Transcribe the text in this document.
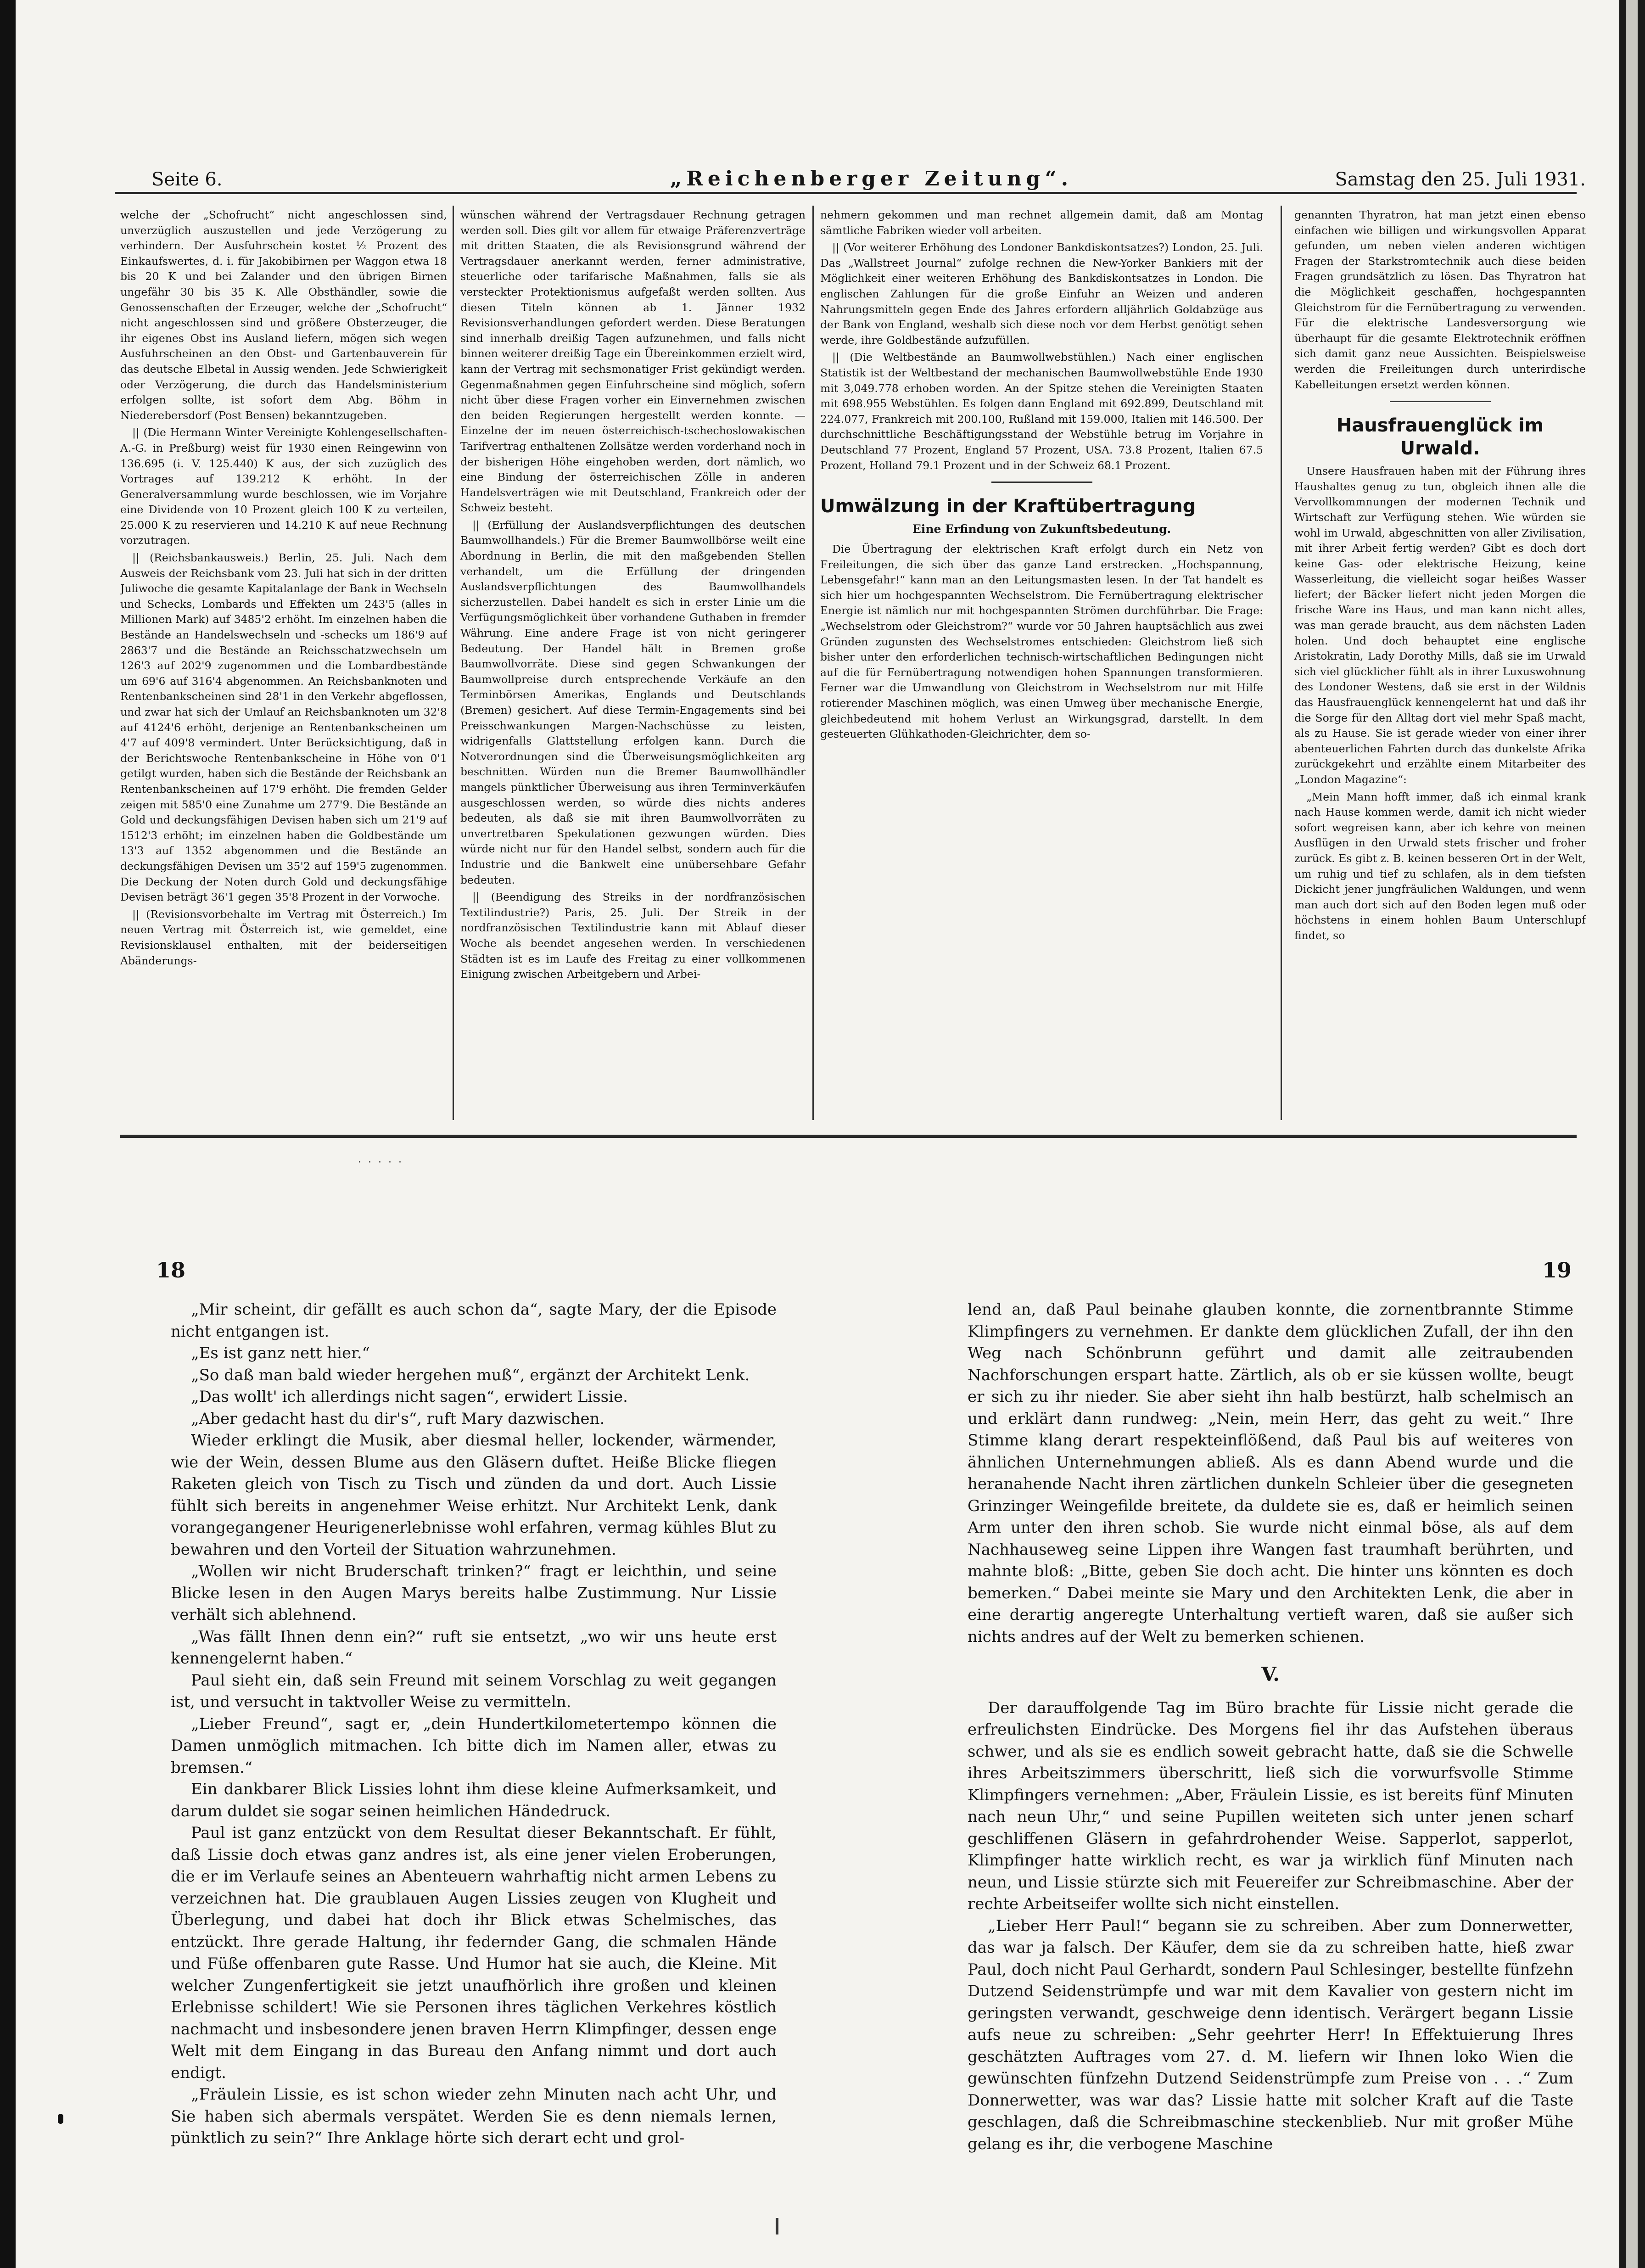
Seite 6.	„Reichenberger Zeitung“.	Samstag den 25. Juli 1931.

welche der „Schofrucht“ nicht angeschlossen sind, unverzüglich auszustellen und jede Verzögerung zu verhindern. Der Ausfuhrschein kostet ½ Prozent des Einkaufswertes, d. i. für Jakobibirnen per Waggon etwa 18 bis 20 K und bei Zalander und den übrigen Birnen ungefähr 30 bis 35 K. Alle Obsthändler, sowie die Genossenschaften der Erzeuger, welche der „Schofrucht“ nicht angeschlossen sind und größere Obsterzeuger, die ihr eigenes Obst ins Ausland liefern, mögen sich wegen Ausfuhrscheinen an den Obst- und Gartenbauverein für das deutsche Elbetal in Aussig wenden. Jede Schwierigkeit oder Verzögerung, die durch das Handelsministerium erfolgen sollte, ist sofort dem Abg. Böhm in Niederebersdorf (Post Bensen) bekanntzugeben.

|| (Die Hermann Winter Vereinigte Kohlengesellschaften-A.-G. in Preßburg) weist für 1930 einen Reingewinn von 136.695 (i. V. 125.440) K aus, der sich zuzüglich des Vortrages auf 139.212 K erhöht. In der Generalversammlung wurde beschlossen, wie im Vorjahre eine Dividende von 10 Prozent gleich 100 K zu verteilen, 25.000 K zu reservieren und 14.210 K auf neue Rechnung vorzutragen.

|| (Reichsbankausweis.) Berlin, 25. Juli. Nach dem Ausweis der Reichsbank vom 23. Juli hat sich in der dritten Juliwoche die gesamte Kapitalanlage der Bank in Wechseln und Schecks, Lombards und Effekten um 243'5 (alles in Millionen Mark) auf 3485'2 erhöht. Im einzelnen haben die Bestände an Handelswechseln und -schecks um 186'9 auf 2863'7 und die Bestände an Reichsschatzwechseln um 126'3 auf 202'9 zugenommen und die Lombardbestände um 69'6 auf 316'4 abgenommen. An Reichsbanknoten und Rentenbankscheinen sind 28'1 in den Verkehr abgeflossen, und zwar hat sich der Umlauf an Reichsbanknoten um 32'8 auf 4124'6 erhöht, derjenige an Rentenbankscheinen um 4'7 auf 409'8 vermindert. Unter Berücksichtigung, daß in der Berichtswoche Rentenbankscheine in Höhe von 0'1 getilgt wurden, haben sich die Bestände der Reichsbank an Rentenbankscheinen auf 17'9 erhöht. Die fremden Gelder zeigen mit 585'0 eine Zunahme um 277'9. Die Bestände an Gold und deckungsfähigen Devisen haben sich um 21'9 auf 1512'3 erhöht; im einzelnen haben die Goldbestände um 13'3 auf 1352 abgenommen und die Bestände an deckungsfähigen Devisen um 35'2 auf 159'5 zugenommen. Die Deckung der Noten durch Gold und deckungsfähige Devisen beträgt 36'1 gegen 35'8 Prozent in der Vorwoche.

|| (Revisionsvorbehalte im Vertrag mit Österreich.) Im neuen Vertrag mit Österreich ist, wie gemeldet, eine Revisionsklausel enthalten, mit der beiderseitigen Abänderungs-

wünschen während der Vertragsdauer Rechnung getragen werden soll. Dies gilt vor allem für etwaige Präferenzverträge mit dritten Staaten, die als Revisionsgrund während der Vertragsdauer anerkannt werden, ferner administrative, steuerliche oder tarifarische Maßnahmen, falls sie als versteckter Protektionismus aufgefaßt werden sollten. Aus diesen Titeln können ab 1. Jänner 1932 Revisionsverhandlungen gefordert werden. Diese Beratungen sind innerhalb dreißig Tagen aufzunehmen, und falls nicht binnen weiterer dreißig Tage ein Übereinkommen erzielt wird, kann der Vertrag mit sechsmonatiger Frist gekündigt werden. Gegenmaßnahmen gegen Einfuhrscheine sind möglich, sofern nicht über diese Fragen vorher ein Einvernehmen zwischen den beiden Regierungen hergestellt werden konnte. — Einzelne der im neuen österreichisch-tschechoslowakischen Tarifvertrag enthaltenen Zollsätze werden vorderhand noch in der bisherigen Höhe eingehoben werden, dort nämlich, wo eine Bindung der österreichischen Zölle in anderen Handelsverträgen wie mit Deutschland, Frankreich oder der Schweiz besteht.

|| (Erfüllung der Auslandsverpflichtungen des deutschen Baumwollhandels.) Für die Bremer Baumwollbörse weilt eine Abordnung in Berlin, die mit den maßgebenden Stellen verhandelt, um die Erfüllung der dringenden Auslandsverpflichtungen des Baumwollhandels sicherzustellen. Dabei handelt es sich in erster Linie um die Verfügungsmöglichkeit über vorhandene Guthaben in fremder Währung. Eine andere Frage ist von nicht geringerer Bedeutung. Der Handel hält in Bremen große Baumwollvorräte. Diese sind gegen Schwankungen der Baumwollpreise durch entsprechende Verkäufe an den Terminbörsen Amerikas, Englands und Deutschlands (Bremen) gesichert. Auf diese Termin-Engagements sind bei Preisschwankungen Margen-Nachschüsse zu leisten, widrigenfalls Glattstellung erfolgen kann. Durch die Notverordnungen sind die Überweisungsmöglichkeiten arg beschnitten. Würden nun die Bremer Baumwollhändler mangels pünktlicher Überweisung aus ihren Terminverkäufen ausgeschlossen werden, so würde dies nichts anderes bedeuten, als daß sie mit ihren Baumwollvorräten zu unvertretbaren Spekulationen gezwungen würden. Dies würde nicht nur für den Handel selbst, sondern auch für die Industrie und die Bankwelt eine unübersehbare Gefahr bedeuten.

|| (Beendigung des Streiks in der nordfranzösischen Textilindustrie?) Paris, 25. Juli. Der Streik in der nordfranzösischen Textilindustrie kann mit Ablauf dieser Woche als beendet angesehen werden. In verschiedenen Städten ist es im Laufe des Freitag zu einer vollkommenen Einigung zwischen Arbeitgebern und Arbei-

nehmern gekommen und man rechnet allgemein damit, daß am Montag sämtliche Fabriken wieder voll arbeiten.

|| (Vor weiterer Erhöhung des Londoner Bankdiskontsatzes?) London, 25. Juli. Das „Wallstreet Journal“ zufolge rechnen die New-Yorker Bankiers mit der Möglichkeit einer weiteren Erhöhung des Bankdiskontsatzes in London. Die englischen Zahlungen für die große Einfuhr an Weizen und anderen Nahrungsmitteln gegen Ende des Jahres erfordern alljährlich Goldabzüge aus der Bank von England, weshalb sich diese noch vor dem Herbst genötigt sehen werde, ihre Goldbestände aufzufüllen.

|| (Die Weltbestände an Baumwollwebstühlen.) Nach einer englischen Statistik ist der Weltbestand der mechanischen Baumwollwebstühle Ende 1930 mit 3,049.778 erhoben worden. An der Spitze stehen die Vereinigten Staaten mit 698.955 Webstühlen. Es folgen dann England mit 692.899, Deutschland mit 224.077, Frankreich mit 200.100, Rußland mit 159.000, Italien mit 146.500. Der durchschnittliche Beschäftigungsstand der Webstühle betrug im Vorjahre in Deutschland 77 Prozent, England 57 Prozent, USA. 73.8 Prozent, Italien 67.5 Prozent, Holland 79.1 Prozent und in der Schweiz 68.1 Prozent.

Umwälzung in der Kraftübertragung
Eine Erfindung von Zukunftsbedeutung.

Die Übertragung der elektrischen Kraft erfolgt durch ein Netz von Freileitungen, die sich über das ganze Land erstrecken. „Hochspannung, Lebensgefahr!“ kann man an den Leitungsmasten lesen. In der Tat handelt es sich hier um hochgespannten Wechselstrom. Die Fernübertragung elektrischer Energie ist nämlich nur mit hochgespannten Strömen durchführbar. Die Frage: „Wechselstrom oder Gleichstrom?“ wurde vor 50 Jahren hauptsächlich aus zwei Gründen zugunsten des Wechselstromes entschieden: Gleichstrom ließ sich bisher unter den erforderlichen technisch-wirtschaftlichen Bedingungen nicht auf die für Fernübertragung notwendigen hohen Spannungen transformieren. Ferner war die Umwandlung von Gleichstrom in Wechselstrom nur mit Hilfe rotierender Maschinen möglich, was einen Umweg über mechanische Energie, gleichbedeutend mit hohem Verlust an Wirkungsgrad, darstellt. In dem gesteuerten Glühkathoden-Gleichrichter, dem so-

genannten Thyratron, hat man jetzt einen ebenso einfachen wie billigen und wirkungsvollen Apparat gefunden, um neben vielen anderen wichtigen Fragen der Starkstromtechnik auch diese beiden Fragen grundsätzlich zu lösen. Das Thyratron hat die Möglichkeit geschaffen, hochgespannten Gleichstrom für die Fernübertragung zu verwenden. Für die elektrische Landesversorgung wie überhaupt für die gesamte Elektrotechnik eröffnen sich damit ganz neue Aussichten. Beispielsweise werden die Freileitungen durch unterirdische Kabelleitungen ersetzt werden können.

Hausfrauenglück im Urwald.

Unsere Hausfrauen haben mit der Führung ihres Haushaltes genug zu tun, obgleich ihnen alle die Vervollkommnungen der modernen Technik und Wirtschaft zur Verfügung stehen. Wie würden sie wohl im Urwald, abgeschnitten von aller Zivilisation, mit ihrer Arbeit fertig werden? Gibt es doch dort keine Gas- oder elektrische Heizung, keine Wasserleitung, die vielleicht sogar heißes Wasser liefert; der Bäcker liefert nicht jeden Morgen die frische Ware ins Haus, und man kann nicht alles, was man gerade braucht, aus dem nächsten Laden holen. Und doch behauptet eine englische Aristokratin, Lady Dorothy Mills, daß sie im Urwald sich viel glücklicher fühlt als in ihrer Luxuswohnung des Londoner Westens, daß sie erst in der Wildnis das Hausfrauenglück kennengelernt hat und daß ihr die Sorge für den Alltag dort viel mehr Spaß macht, als zu Hause. Sie ist gerade wieder von einer ihrer abenteuerlichen Fahrten durch das dunkelste Afrika zurückgekehrt und erzählte einem Mitarbeiter des „London Magazine“:

„Mein Mann hofft immer, daß ich einmal krank nach Hause kommen werde, damit ich nicht wieder sofort wegreisen kann, aber ich kehre von meinen Ausflügen in den Urwald stets frischer und froher zurück. Es gibt z. B. keinen besseren Ort in der Welt, um ruhig und tief zu schlafen, als in dem tiefsten Dickicht jener jungfräulichen Waldungen, und wenn man auch dort sich auf den Boden legen muß oder höchstens in einem hohlen Baum Unterschlupf findet, so

· · · · ·
18	19

„Mir scheint, dir gefällt es auch schon da“, sagte Mary, der die Episode nicht entgangen ist.

„Es ist ganz nett hier.“

„So daß man bald wieder hergehen muß“, ergänzt der Architekt Lenk.

„Das wollt' ich allerdings nicht sagen“, erwidert Lissie.

„Aber gedacht hast du dir's“, ruft Mary dazwischen.

Wieder erklingt die Musik, aber diesmal heller, lockender, wärmender, wie der Wein, dessen Blume aus den Gläsern duftet. Heiße Blicke fliegen Raketen gleich von Tisch zu Tisch und zünden da und dort. Auch Lissie fühlt sich bereits in angenehmer Weise erhitzt. Nur Architekt Lenk, dank vorangegangener Heurigenerlebnisse wohl erfahren, vermag kühles Blut zu bewahren und den Vorteil der Situation wahrzunehmen.

„Wollen wir nicht Bruderschaft trinken?“ fragt er leichthin, und seine Blicke lesen in den Augen Marys bereits halbe Zustimmung. Nur Lissie verhält sich ablehnend.

„Was fällt Ihnen denn ein?“ ruft sie entsetzt, „wo wir uns heute erst kennengelernt haben.“

Paul sieht ein, daß sein Freund mit seinem Vorschlag zu weit gegangen ist, und versucht in taktvoller Weise zu vermitteln.

„Lieber Freund“, sagt er, „dein Hundertkilometertempo können die Damen unmöglich mitmachen. Ich bitte dich im Namen aller, etwas zu bremsen.“

Ein dankbarer Blick Lissies lohnt ihm diese kleine Aufmerksamkeit, und darum duldet sie sogar seinen heimlichen Händedruck.

Paul ist ganz entzückt von dem Resultat dieser Bekanntschaft. Er fühlt, daß Lissie doch etwas ganz andres ist, als eine jener vielen Eroberungen, die er im Verlaufe seines an Abenteuern wahrhaftig nicht armen Lebens zu verzeichnen hat. Die graublauen Augen Lissies zeugen von Klugheit und Überlegung, und dabei hat doch ihr Blick etwas Schelmisches, das entzückt. Ihre gerade Haltung, ihr federnder Gang, die schmalen Hände und Füße offenbaren gute Rasse. Und Humor hat sie auch, die Kleine. Mit welcher Zungenfertigkeit sie jetzt unaufhörlich ihre großen und kleinen Erlebnisse schildert! Wie sie Personen ihres täglichen Verkehres köstlich nachmacht und insbesondere jenen braven Herrn Klimpfinger, dessen enge Welt mit dem Eingang in das Bureau den Anfang nimmt und dort auch endigt.

„Fräulein Lissie, es ist schon wieder zehn Minuten nach acht Uhr, und Sie haben sich abermals verspätet. Werden Sie es denn niemals lernen, pünktlich zu sein?“ Ihre Anklage hörte sich derart echt und grol-

lend an, daß Paul beinahe glauben konnte, die zornentbrannte Stimme Klimpfingers zu vernehmen. Er dankte dem glücklichen Zufall, der ihn den Weg nach Schönbrunn geführt und damit alle zeitraubenden Nachforschungen erspart hatte. Zärtlich, als ob er sie küssen wollte, beugt er sich zu ihr nieder. Sie aber sieht ihn halb bestürzt, halb schelmisch an und erklärt dann rundweg: „Nein, mein Herr, das geht zu weit.“ Ihre Stimme klang derart respekteinflößend, daß Paul bis auf weiteres von ähnlichen Unternehmungen abließ. Als es dann Abend wurde und die heranahende Nacht ihren zärtlichen dunkeln Schleier über die gesegneten Grinzinger Weingefilde breitete, da duldete sie es, daß er heimlich seinen Arm unter den ihren schob. Sie wurde nicht einmal böse, als auf dem Nachhauseweg seine Lippen ihre Wangen fast traumhaft berührten, und mahnte bloß: „Bitte, geben Sie doch acht. Die hinter uns könnten es doch bemerken.“ Dabei meinte sie Mary und den Architekten Lenk, die aber in eine derartig angeregte Unterhaltung vertieft waren, daß sie außer sich nichts andres auf der Welt zu bemerken schienen.

V.

Der darauffolgende Tag im Büro brachte für Lissie nicht gerade die erfreulichsten Eindrücke. Des Morgens fiel ihr das Aufstehen überaus schwer, und als sie es endlich soweit gebracht hatte, daß sie die Schwelle ihres Arbeitszimmers überschritt, ließ sich die vorwurfsvolle Stimme Klimpfingers vernehmen: „Aber, Fräulein Lissie, es ist bereits fünf Minuten nach neun Uhr,“ und seine Pupillen weiteten sich unter jenen scharf geschliffenen Gläsern in gefahrdrohender Weise. Sapperlot, sapperlot, Klimpfinger hatte wirklich recht, es war ja wirklich fünf Minuten nach neun, und Lissie stürzte sich mit Feuereifer zur Schreibmaschine. Aber der rechte Arbeitseifer wollte sich nicht einstellen.

„Lieber Herr Paul!“ begann sie zu schreiben. Aber zum Donnerwetter, das war ja falsch. Der Käufer, dem sie da zu schreiben hatte, hieß zwar Paul, doch nicht Paul Gerhardt, sondern Paul Schlesinger, bestellte fünfzehn Dutzend Seidenstrümpfe und war mit dem Kavalier von gestern nicht im geringsten verwandt, geschweige denn identisch. Verärgert begann Lissie aufs neue zu schreiben: „Sehr geehrter Herr! In Effektuierung Ihres geschätzten Auftrages vom 27. d. M. liefern wir Ihnen loko Wien die gewünschten fünfzehn Dutzend Seidenstrümpfe zum Preise von . . .“ Zum Donnerwetter, was war das? Lissie hatte mit solcher Kraft auf die Taste geschlagen, daß die Schreibmaschine steckenblieb. Nur mit großer Mühe gelang es ihr, die verbogene Maschine
